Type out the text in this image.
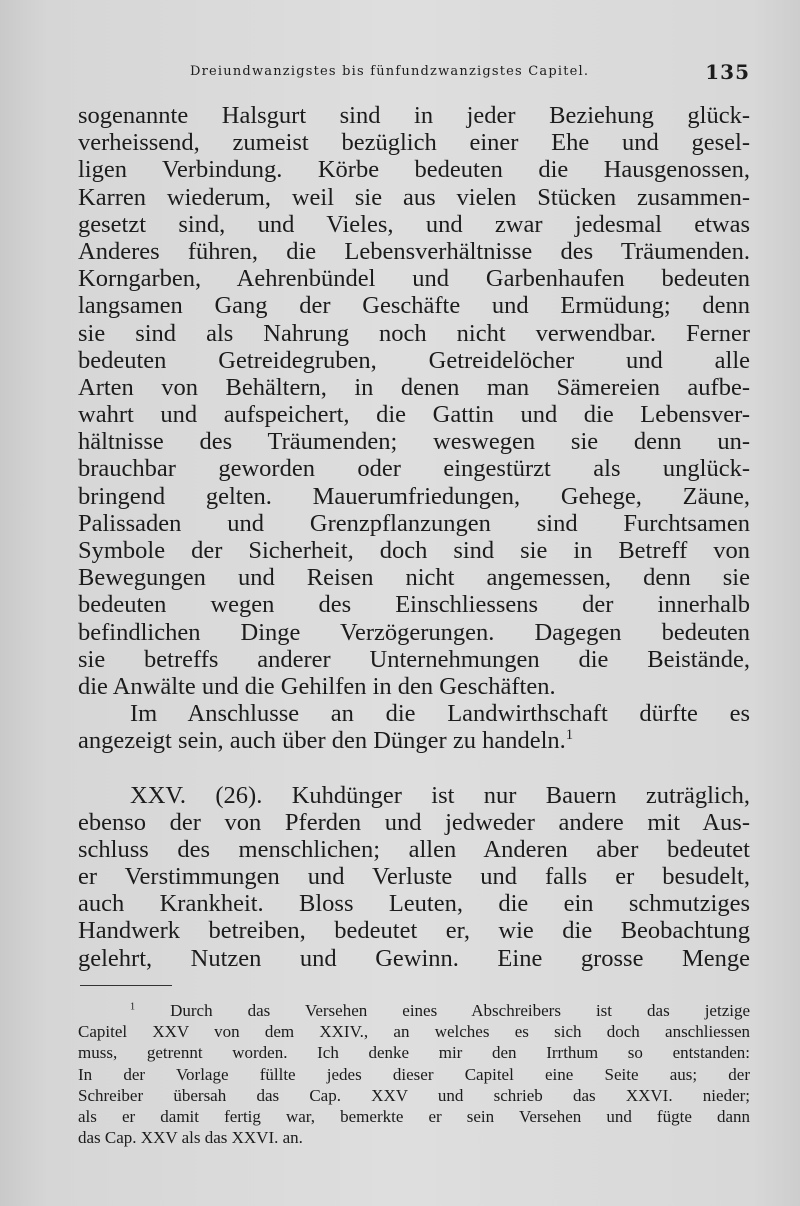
Dreiundwanzigstes bis fünfundzwanzigstes Capitel.	135
sogenannte Halsgurt sind in jeder Beziehung glück-
verheissend, zumeist bezüglich einer Ehe und gesel-
ligen Verbindung. Körbe bedeuten die Hausgenossen,
Karren wiederum, weil sie aus vielen Stücken zusammen-
gesetzt sind, und Vieles, und zwar jedesmal etwas
Anderes führen, die Lebensverhältnisse des Träumenden.
Korngarben, Aehrenbündel und Garbenhaufen bedeuten
langsamen Gang der Geschäfte und Ermüdung; denn
sie sind als Nahrung noch nicht verwendbar. Ferner
bedeuten Getreidegruben, Getreidelöcher und alle
Arten von Behältern, in denen man Sämereien aufbe-
wahrt und aufspeichert, die Gattin und die Lebensver-
hältnisse des Träumenden; weswegen sie denn un-
brauchbar geworden oder eingestürzt als unglück-
bringend gelten. Mauerumfriedungen, Gehege, Zäune,
Palissaden und Grenzpflanzungen sind Furchtsamen
Symbole der Sicherheit, doch sind sie in Betreff von
Bewegungen und Reisen nicht angemessen, denn sie
bedeuten wegen des Einschliessens der innerhalb
befindlichen Dinge Verzögerungen. Dagegen bedeuten
sie betreffs anderer Unternehmungen die Beistände,
die Anwälte und die Gehilfen in den Geschäften.
Im Anschlusse an die Landwirthschaft dürfte es
angezeigt sein, auch über den Dünger zu handeln.$^1$
XXV. (26). Kuhdünger ist nur Bauern zuträglich,
ebenso der von Pferden und jedweder andere mit Aus-
schluss des menschlichen; allen Anderen aber bedeutet
er Verstimmungen und Verluste und falls er besudelt,
auch Krankheit. Bloss Leuten, die ein schmutziges
Handwerk betreiben, bedeutet er, wie die Beobachtung
gelehrt, Nutzen und Gewinn. Eine grosse Menge
$^1$ Durch das Versehen eines Abschreibers ist das jetzige
Capitel XXV von dem XXIV., an welches es sich doch anschliessen
muss, getrennt worden. Ich denke mir den Irrthum so entstanden:
In der Vorlage füllte jedes dieser Capitel eine Seite aus; der
Schreiber übersah das Cap. XXV und schrieb das XXVI. nieder;
als er damit fertig war, bemerkte er sein Versehen und fügte dann
das Cap. XXV als das XXVI. an.
